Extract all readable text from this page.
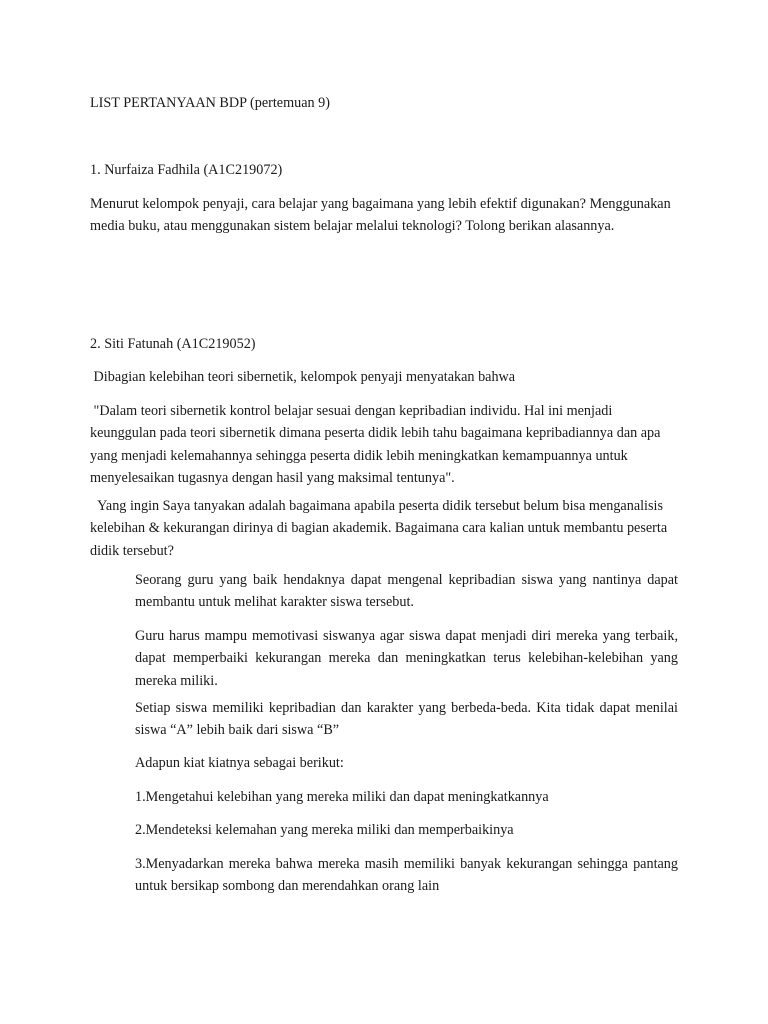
LIST PERTANYAAN BDP (pertemuan 9)

1. Nurfaiza Fadhila (A1C219072)

Menurut kelompok penyaji, cara belajar yang bagaimana yang lebih efektif digunakan? Menggunakan media buku, atau menggunakan sistem belajar melalui teknologi? Tolong berikan alasannya.

2. Siti Fatunah (A1C219052)

Dibagian kelebihan teori sibernetik, kelompok penyaji menyatakan bahwa

"Dalam teori sibernetik kontrol belajar sesuai dengan kepribadian individu. Hal ini menjadi keunggulan pada teori sibernetik dimana peserta didik lebih tahu bagaimana kepribadiannya dan apa yang menjadi kelemahannya sehingga peserta didik lebih meningkatkan kemampuannya untuk menyelesaikan tugasnya dengan hasil yang maksimal tentunya".

Yang ingin Saya tanyakan adalah bagaimana apabila peserta didik tersebut belum bisa menganalisis kelebihan & kekurangan dirinya di bagian akademik. Bagaimana cara kalian untuk membantu peserta didik tersebut?

Seorang guru yang baik hendaknya dapat mengenal kepribadian siswa yang nantinya dapat membantu untuk melihat karakter siswa tersebut.

Guru harus mampu memotivasi siswanya agar siswa dapat menjadi diri mereka yang terbaik, dapat memperbaiki kekurangan mereka dan meningkatkan terus kelebihan-kelebihan yang mereka miliki.

Setiap siswa memiliki kepribadian dan karakter yang berbeda-beda. Kita tidak dapat menilai siswa “A” lebih baik dari siswa “B”

Adapun kiat kiatnya sebagai berikut:

1.Mengetahui kelebihan yang mereka miliki dan dapat meningkatkannya

2.Mendeteksi kelemahan yang mereka miliki dan memperbaikinya

3.Menyadarkan mereka bahwa mereka masih memiliki banyak kekurangan sehingga pantang untuk bersikap sombong dan merendahkan orang lain
